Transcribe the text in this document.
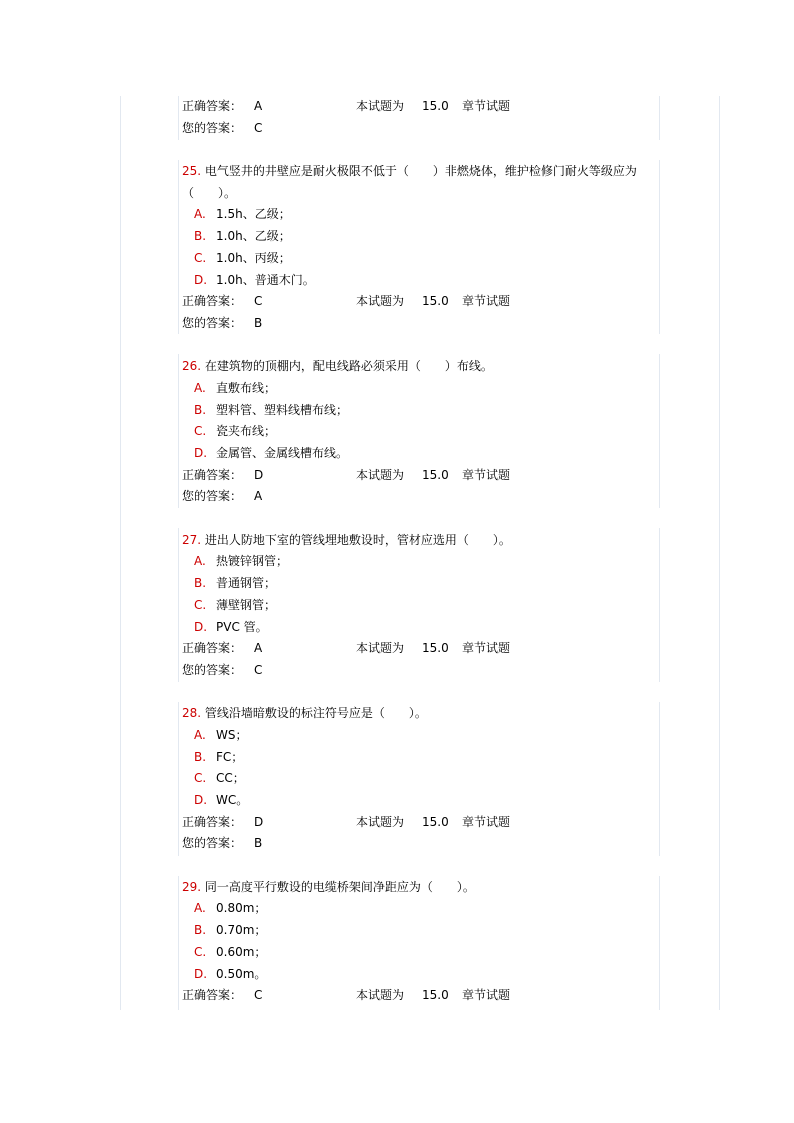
正确答案： A	本试题为	15.0	章节试题
您的答案： C
25. 电气竖井的井壁应是耐火极限不低于（　　）非燃烧体，维护检修门耐火等级应为（　　）。
A. 1.5h、乙级；
B. 1.0h、乙级；
C. 1.0h、丙级；
D. 1.0h、普通木门。
正确答案： C	本试题为	15.0	章节试题
您的答案： B
26. 在建筑物的顶棚内，配电线路必须采用（　　）布线。
A. 直敷布线；
B. 塑料管、塑料线槽布线；
C. 瓷夹布线；
D. 金属管、金属线槽布线。
正确答案： D	本试题为	15.0	章节试题
您的答案： A
27. 进出人防地下室的管线埋地敷设时，管材应选用（　　）。
A. 热镀锌钢管；
B. 普通钢管；
C. 薄壁钢管；
D. PVC 管。
正确答案： A	本试题为	15.0	章节试题
您的答案： C
28. 管线沿墙暗敷设的标注符号应是（　　）。
A. WS；
B. FC；
C. CC；
D. WC。
正确答案： D	本试题为	15.0	章节试题
您的答案： B
29. 同一高度平行敷设的电缆桥架间净距应为（　　）。
A. 0.80m；
B. 0.70m；
C. 0.60m；
D. 0.50m。
正确答案： C	本试题为	15.0	章节试题
